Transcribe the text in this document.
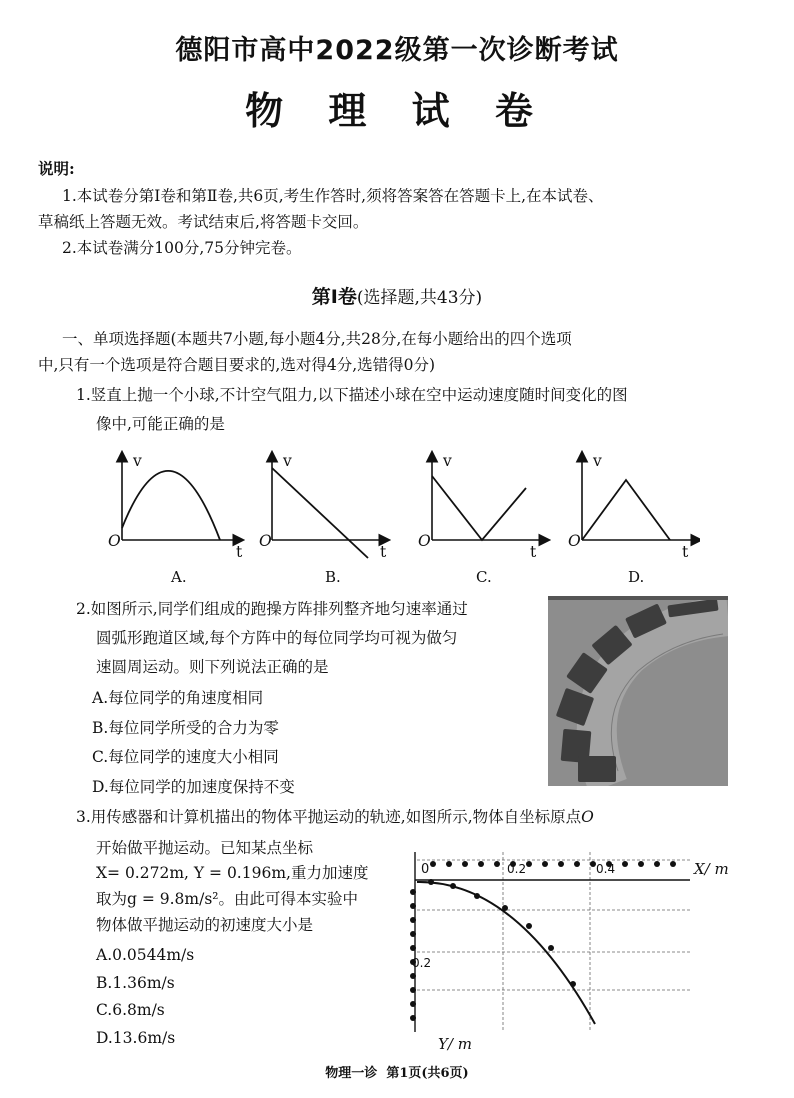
德阳市高中2022级第一次诊断考试
物 理 试 卷
说明:
1.本试卷分第Ⅰ卷和第Ⅱ卷,共6页,考生作答时,须将答案答在答题卡上,在本试卷、
草稿纸上答题无效。考试结束后,将答题卡交回。
2.本试卷满分100分,75分钟完卷。
第Ⅰ卷(选择题,共43分)
一、单项选择题(本题共7小题,每小题4分,共28分,在每小题给出的四个选项
中,只有一个选项是符合题目要求的,选对得4分,选错得0分)
1.竖直上抛一个小球,不计空气阻力,以下描述小球在空中运动速度随时间变化的图
像中,可能正确的是
v
O
t
v
O
t
v
O
t
v
O
t
A.	B.	C.	D.
2.如图所示,同学们组成的跑操方阵排列整齐地匀速率通过
圆弧形跑道区域,每个方阵中的每位同学均可视为做匀
速圆周运动。则下列说法正确的是
A.每位同学的角速度相同
B.每位同学所受的合力为零
C.每位同学的速度大小相同
D.每位同学的加速度保持不变
3.用传感器和计算机描出的物体平抛运动的轨迹,如图所示,物体自坐标原点O
开始做平抛运动。已知某点坐标
X= 0.272m, Y = 0.196m,重力加速度
取为g = 9.8m/s²。由此可得本实验中
物体做平抛运动的初速度大小是
A.0.0544m/s
B.1.36m/s
C.6.8m/s
D.13.6m/s
0	0.2	0.4	X/ m
0.2
Y/ m
物理一诊  第1页(共6页)
